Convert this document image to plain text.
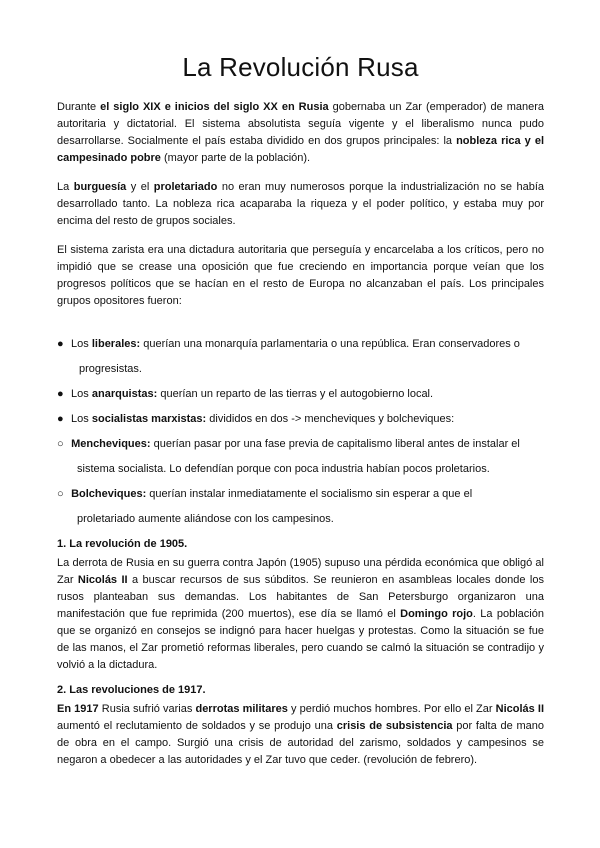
La Revolución Rusa

Durante el siglo XIX e inicios del siglo XX en Rusia gobernaba un Zar (emperador) de manera autoritaria y dictatorial. El sistema absolutista seguía vigente y el liberalismo nunca pudo desarrollarse. Socialmente el país estaba dividido en dos grupos principales: la nobleza rica y el campesinado pobre (mayor parte de la población).

La burguesía y el proletariado no eran muy numerosos porque la industrialización no se había desarrollado tanto. La nobleza rica acaparaba la riqueza y el poder político, y estaba muy por encima del resto de grupos sociales.

El sistema zarista era una dictadura autoritaria que perseguía y encarcelaba a los críticos, pero no impidió que se crease una oposición que fue creciendo en importancia porque veían que los progresos políticos que se hacían en el resto de Europa no alcanzaban el país. Los principales grupos opositores fueron:

● Los liberales: querían una monarquía parlamentaria o una república. Eran conservadores o
progresistas.
● Los anarquistas: querían un reparto de las tierras y el autogobierno local.
● Los socialistas marxistas: divididos en dos -> mencheviques y bolcheviques:
○ Mencheviques: querían pasar por una fase previa de capitalismo liberal antes de instalar el
sistema socialista. Lo defendían porque con poca industria habían pocos proletarios.
○ Bolcheviques: querían instalar inmediatamente el socialismo sin esperar a que el
proletariado aumente aliándose con los campesinos.
1. La revolución de 1905.

La derrota de Rusia en su guerra contra Japón (1905) supuso una pérdida económica que obligó al Zar Nicolás II a buscar recursos de sus súbditos. Se reunieron en asambleas locales donde los rusos planteaban sus demandas. Los habitantes de San Petersburgo organizaron una manifestación que fue reprimida (200 muertos), ese día se llamó el Domingo rojo. La población que se organizó en consejos se indignó para hacer huelgas y protestas. Como la situación se fue de las manos, el Zar prometió reformas liberales, pero cuando se calmó la situación se contradijo y volvió a la dictadura.

2. Las revoluciones de 1917.

En 1917 Rusia sufrió varias derrotas militares y perdió muchos hombres. Por ello el Zar Nicolás II aumentó el reclutamiento de soldados y se produjo una crisis de subsistencia por falta de mano de obra en el campo. Surgió una crisis de autoridad del zarismo, soldados y campesinos se negaron a obedecer a las autoridades y el Zar tuvo que ceder. (revolución de febrero).
